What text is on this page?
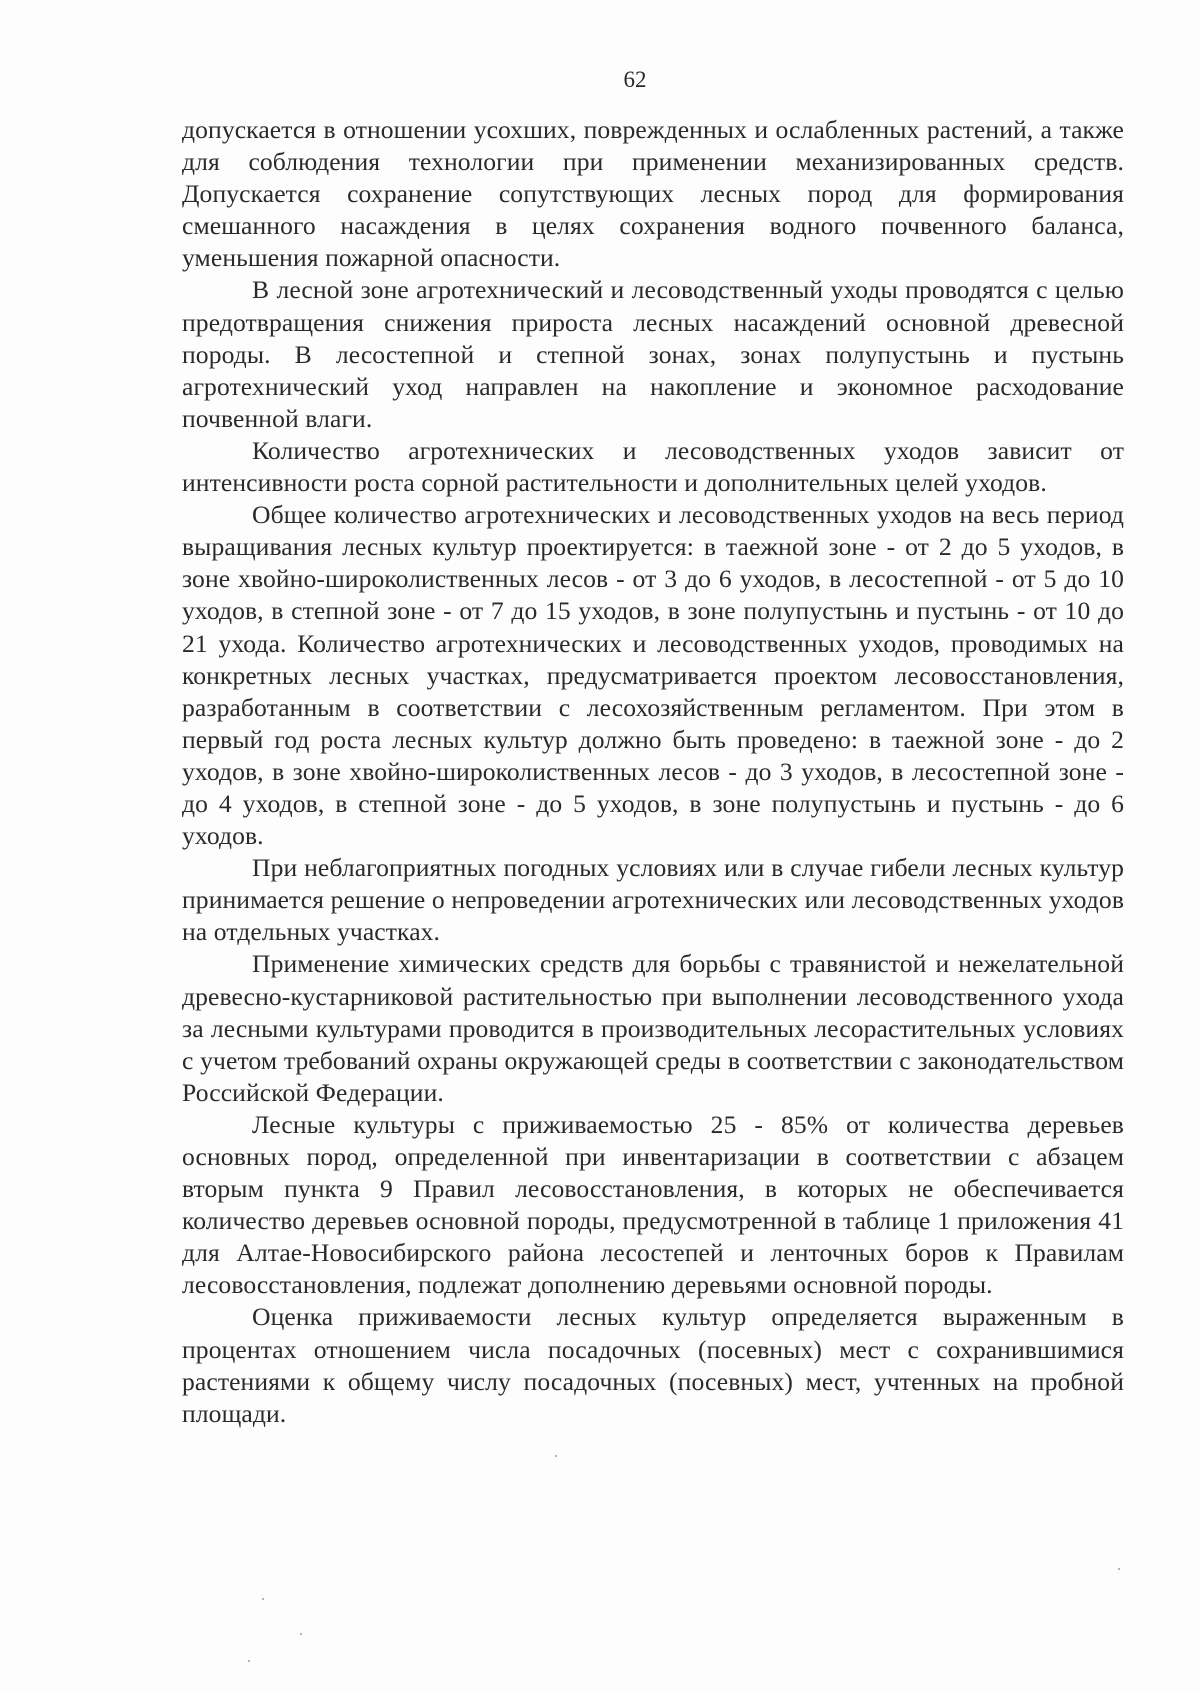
62

допускается в отношении усохших, поврежденных и ослабленных растений, а также для соблюдения технологии при применении механизированных средств. Допускается сохранение сопутствующих лесных пород для формирования смешанного насаждения в целях сохранения водного почвенного баланса, уменьшения пожарной опасности.

В лесной зоне агротехнический и лесоводственный уходы проводятся с целью предотвращения снижения прироста лесных насаждений основной древесной породы. В лесостепной и степной зонах, зонах полупустынь и пустынь агротехнический уход направлен на накопление и экономное расходование почвенной влаги.

Количество агротехнических и лесоводственных уходов зависит от интенсивности роста сорной растительности и дополнительных целей уходов.

Общее количество агротехнических и лесоводственных уходов на весь период выращивания лесных культур проектируется: в таежной зоне - от 2 до 5 уходов, в зоне хвойно-широколиственных лесов - от 3 до 6 уходов, в лесостепной - от 5 до 10 уходов, в степной зоне - от 7 до 15 уходов, в зоне полупустынь и пустынь - от 10 до 21 ухода. Количество агротехнических и лесоводственных уходов, проводимых на конкретных лесных участках, предусматривается проектом лесовосстановления, разработанным в соответствии с лесохозяйственным регламентом. При этом в первый год роста лесных культур должно быть проведено: в таежной зоне - до 2 уходов, в зоне хвойно-широколиственных лесов - до 3 уходов, в лесостепной зоне - до 4 уходов, в степной зоне - до 5 уходов, в зоне полупустынь и пустынь - до 6 уходов.

При неблагоприятных погодных условиях или в случае гибели лесных культур принимается решение о непроведении агротехнических или лесоводственных уходов на отдельных участках.

Применение химических средств для борьбы с травянистой и нежелательной древесно-кустарниковой растительностью при выполнении лесоводственного ухода за лесными культурами проводится в производительных лесорастительных условиях с учетом требований охраны окружающей среды в соответствии с законодательством Российской Федерации.

Лесные культуры с приживаемостью 25 - 85% от количества деревьев основных пород, определенной при инвентаризации в соответствии с абзацем вторым пункта 9 Правил лесовосстановления, в которых не обеспечивается количество деревьев основной породы, предусмотренной в таблице 1 приложения 41 для Алтае-Новосибирского района лесостепей и ленточных боров к Правилам лесовосстановления, подлежат дополнению деревьями основной породы.

Оценка приживаемости лесных культур определяется выраженным в процентах отношением числа посадочных (посевных) мест с сохранившимися растениями к общему числу посадочных (посевных) мест, учтенных на пробной площади.
